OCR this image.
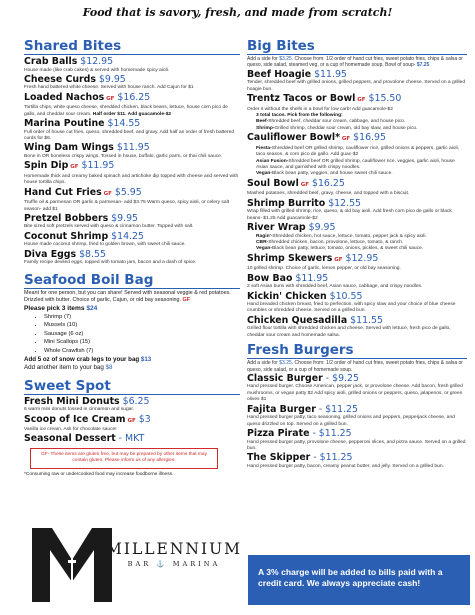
Food that is savory, fresh, and made from scratch!
Shared Bites
Crab Balls $12.95
House made (like crab cakes) & served with homemade spicy aioli.
Cheese Curds $9.95
Fresh hand battered white cheese. Served with house ranch. Add Cajun for $1
Loaded Nachos GF $16.25
Tortilla chips, white queso cheese, shredded chicken, black beans, lettuce, house corn pico de gallo, and cheddar sour cream. Half order $11. Add guacamole-$2
Marina Poutine $14.55
Full order of house cut fries, queso, shredded beef, and gravy. Add half an order of fresh battered curds for $6.
Wing Dam Wings $11.95
Bone in OR boneless crispy wings. Tossed in house, buffalo, garlic parm, or thai chili sauce.
Spin Dip GF $11.95
Homemade thick and creamy baked spinach and artichoke dip topped with cheese and served with house tortilla chips.
Hand Cut Fries GF $5.95
Truffle oil & parmesan OR garlic & parmesan- add $3.75 Warm queso, spicy aioli, or celery salt season- add $1
Pretzel Bobbers $9.95
Bite sized soft pretzels served with queso & cinnamon butter. Topped with salt.
Coconut Shrimp $14.25
House made coconut shrimp, fried to golden brown, with sweet chili sauce.
Diva Eggs $8.55
Family recipe deviled eggs, topped with tomato jam, bacon and a dash of spice.
Seafood Boil Bag
Meant for one person, but you can share! Served with seasonal veggie & red potatoes. Drizzled with butter. Choice of garlic, Cajun, or old bay seasoning. GF
Please pick 3 items $24
• Shrimp (7)
• Mussels (10)
• Sausage (6 oz)
• Mini Scallops (15)
• Whole Crawfish (7)
Add 5 oz of snow crab legs to your bag $13
Add another item to your bag $8
Sweet Spot
Fresh Mini Donuts $6.25
6 warm mini donuts tossed in cinnamon and sugar.
Scoop of Ice Cream GF $3
Vanilla ice cream. Ask for chocolate sauce!
Seasonal Dessert - MKT
GF- These items are gluten free, but may be prepared by other items that may contain gluten. Please inform us of any allergies.
*Consuming raw or undercooked food may increase foodborne illness.
MILLENNIUM
BAR ⚓ MARINA
Big Bites
Add a side for $3.25. Choose from: 1/2 order of hand cut fries, sweet potato fries, chips & salsa or queso, side salad, steamed veg, or a cup of homemade soup. Bowl of soup- $7.25
Beef Hoagie $11.95
Tender, shredded beef with grilled onions, grilled peppers, and provolone cheese. Served on a grilled hoagie bun.
Trentz Tacos or Bowl GF $15.50
Order it without the shells in a bowl for low carb! Add guacamole-$2
3 total tacos. Pick from the following:
Beef-Shredded beef, cheddar sour cream, cabbage, and house pico.
Shrimp-Grilled shrimp, cheddar sour cream, old bay slaw, and house pico.
Cauliflower Bowl* GF $16.95
Fiesta-Shredded beef OR grilled shrimp, cauliflower rice, grilled onions & peppers, garlic aioli, taco season, & corn pico de gallo. Add guac-$2
Asian Fusion-Shredded beef OR grilled shrimp, cauliflower rice, veggies, garlic aioli, house Asian sauce, and garnished with crispy noodles.
Vegan-Black bean patty, veggies, and house sweet chili sauce.
Soul Bowl GF $16.25
Mashed potatoes, shredded beef, gravy, cheese, and topped with a biscuit.
Shrimp Burrito $12.55
Wrap filled with grilled shrimp, rice, queso, & old bay aioli. Add fresh corn pico de gallo or black beans- $1.25 Add guacamole-$2
River Wrap $9.95
Ragin'-Shredded chicken, hot sauce, lettuce, tomato, pepper jack & spicy aioli.
CBR-Shredded chicken, bacon, provolone, lettuce, tomato, & ranch.
Vegan-Black bean patty, lettuce, tomato, onions, pickles, & sweet chili sauce.
Shrimp Skewers GF $12.95
10 grilled shrimp. Choice of garlic, lemon pepper, or old bay seasoning.
Bow Bao $11.95
2 soft Asian buns with shredded beef, Asian sauce, cabbage, and crispy noodles.
Kickin' Chicken $10.55
Hand breaded chicken breast, fried to perfection, with spicy slaw and your choice of blue cheese crumbles or shredded cheese. Served on a grilled bun.
Chicken Quesadilla $11.55
Grilled flour tortilla with shredded chicken and cheese. Served with lettuce, fresh pico de gallo, cheddar sour cream and homemade salsa.
Fresh Burgers
Add a side for $3.25. Choose from: 1/2 order of hand cut fries, sweet potato fries, chips & salsa or queso, side salad, or a cup of homemade soup.
Classic Burger - $9.25
Hand pressed burger. Choose American, pepper jack, or provolone cheese. Add bacon, fresh grilled mushrooms, or vegan patty $2 Add spicy aioli, grilled onions or peppers, queso, jalapenos, or green olives $1
Fajita Burger - $11.25
Hand pressed burger patty, taco seasoning, grilled onions and peppers, pepperjack cheese, and queso drizzled on top. Served on a grilled bun.
Pizza Pirate - $11.25
Hand pressed burger patty, provolone cheese, pepperoni slices, and pizza sauce. Served on a grilled bun.
The Skipper - $11.25
Hand pressed burger patty, bacon, creamy peanut butter, and jelly. Served on a grilled bun.
A 3% charge will be added to bills paid with a credit card. We always appreciate cash!
